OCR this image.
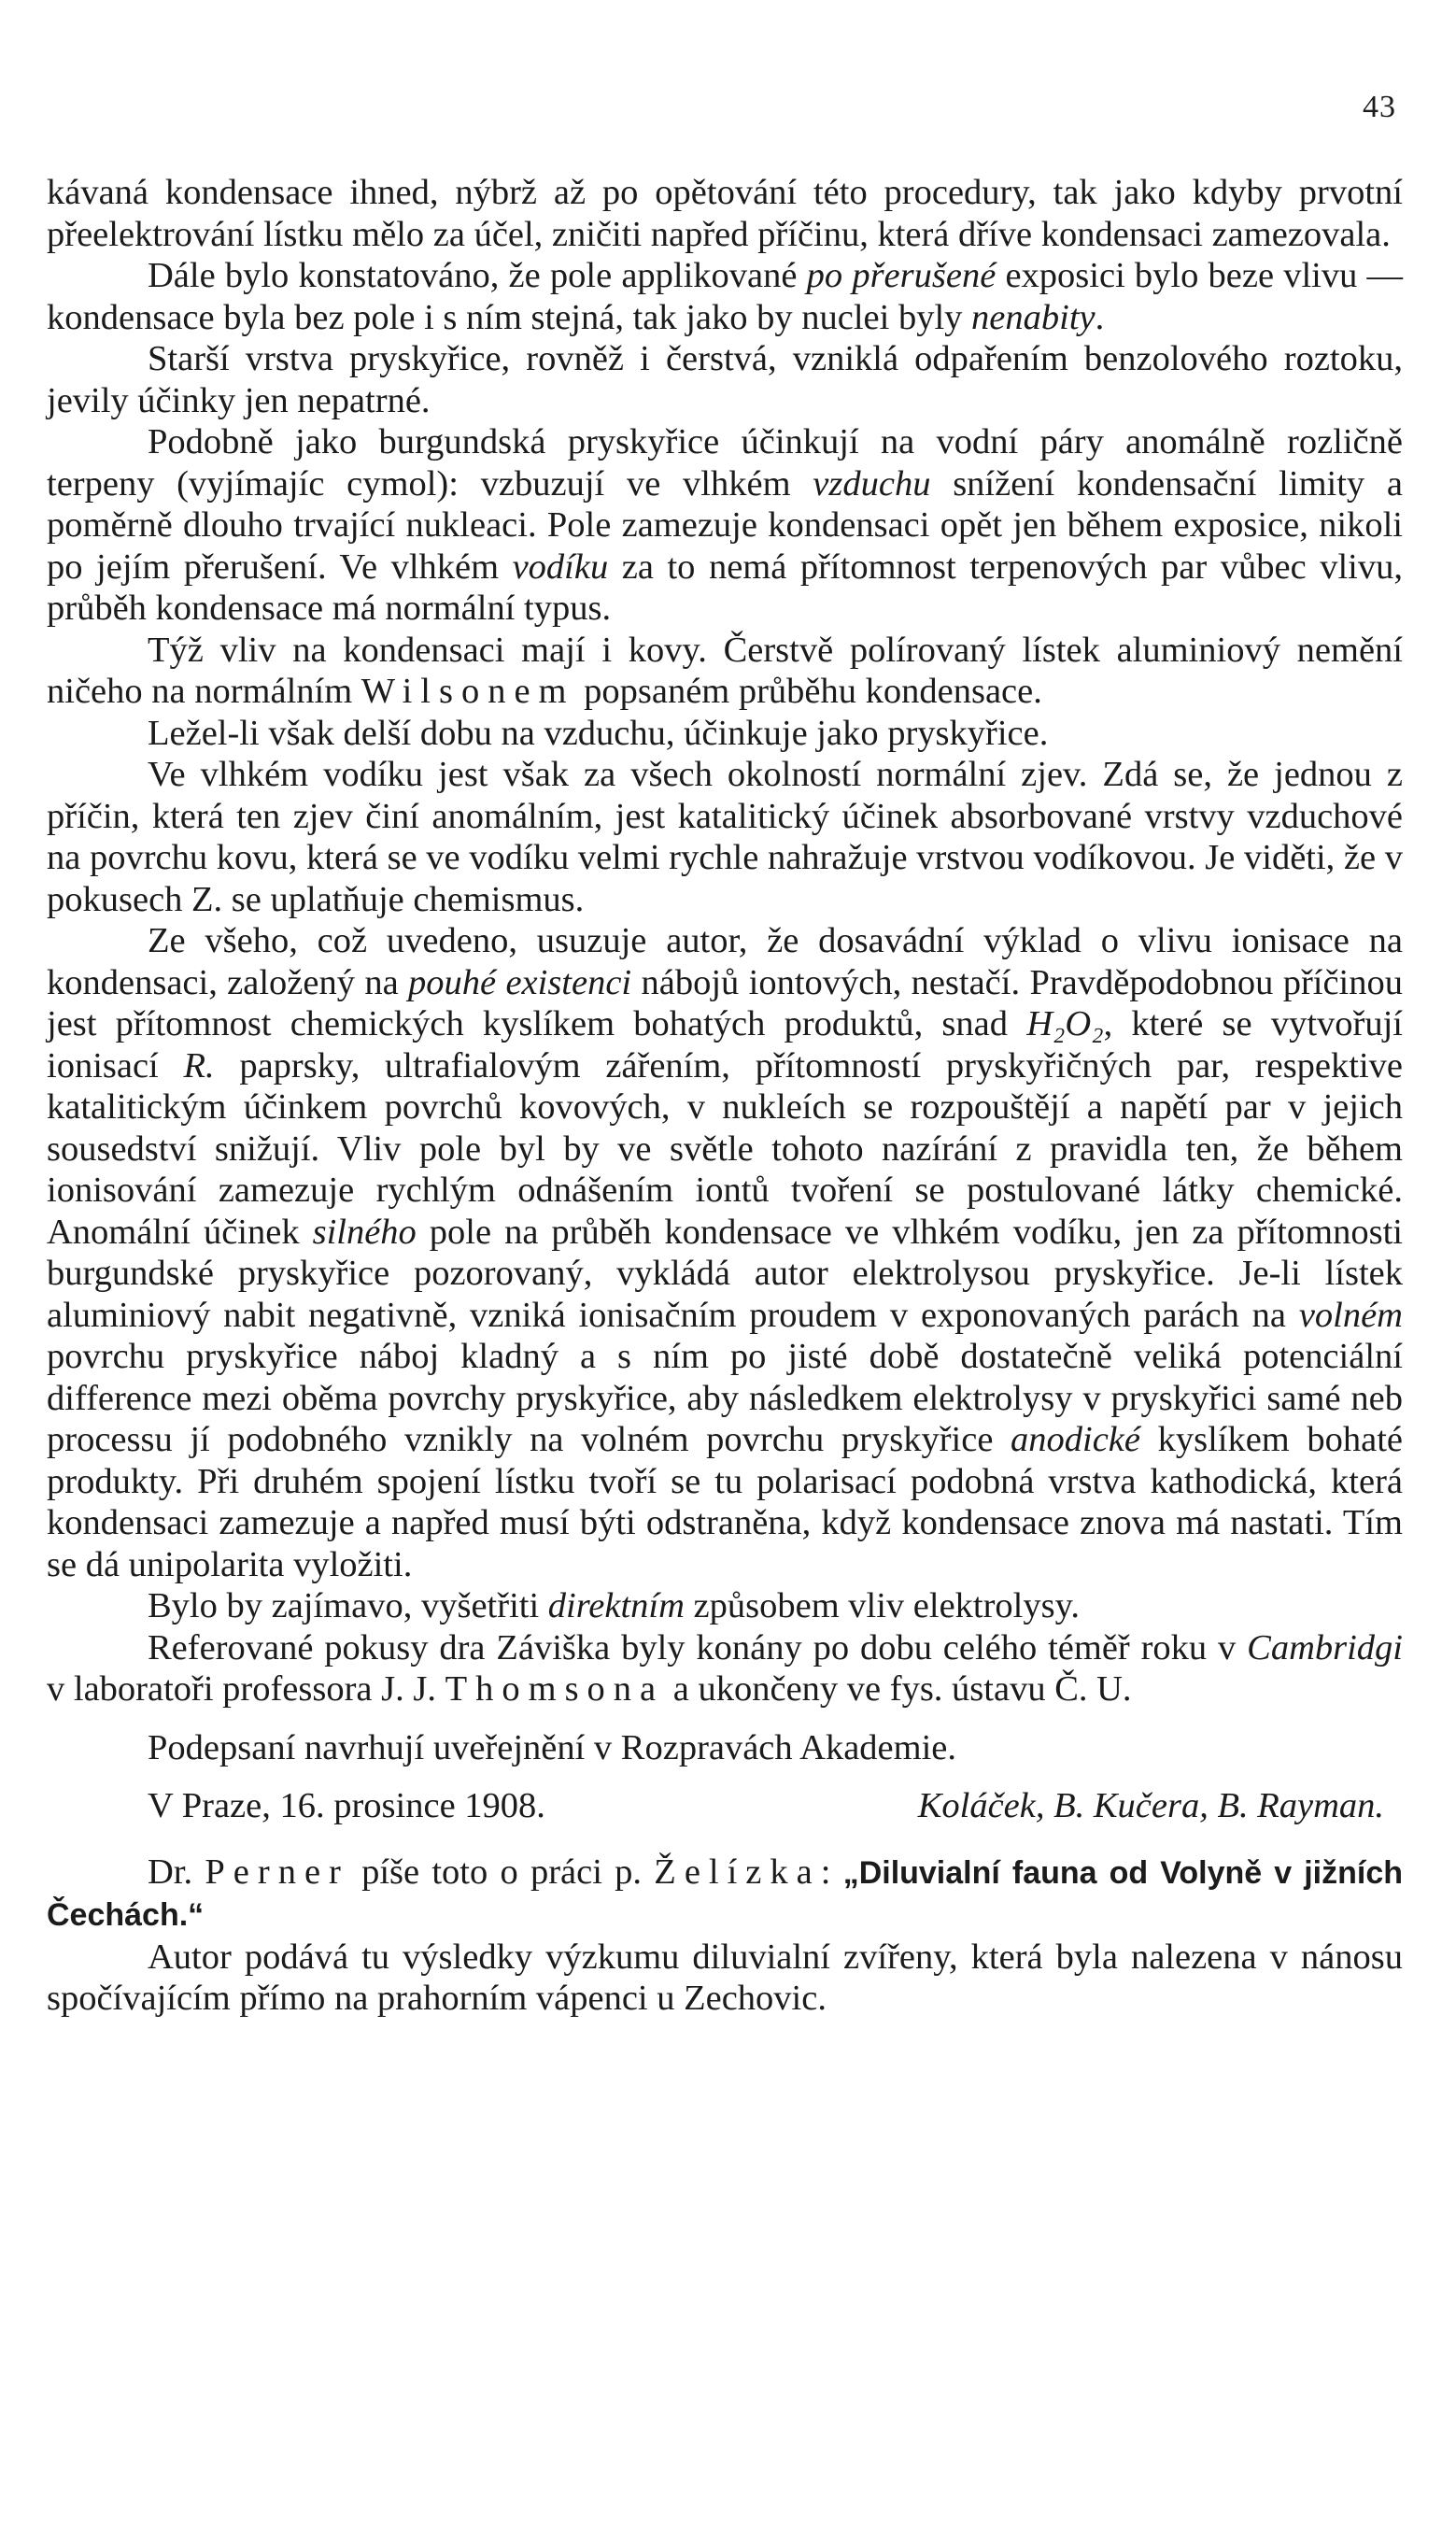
43

kávaná kondensace ihned, nýbrž až po opětování této procedury, tak jako kdyby prvotní přeelektrování lístku mělo za účel, zničiti napřed příčinu, která dříve kondensaci zamezovala.

Dále bylo konstatováno, že pole applikované po přerušené exposici bylo beze vlivu — kondensace byla bez pole i s ním stejná, tak jako by nuclei byly nenabity.

Starší vrstva pryskyřice, rovněž i čerstvá, vzniklá odpařením benzolového roztoku, jevily účinky jen nepatrné.

Podobně jako burgundská pryskyřice účinkují na vodní páry anomálně rozličně terpeny (vyjímajíc cymol): vzbuzují ve vlhkém vzduchu snížení kondensační limity a poměrně dlouho trvající nukleaci. Pole zamezuje kondensaci opět jen během exposice, nikoli po jejím přerušení. Ve vlhkém vodíku za to nemá přítomnost terpenových par vůbec vlivu, průběh kondensace má normální typus.

Týž vliv na kondensaci mají i kovy. Čerstvě polírovaný lístek aluminiový nemění ničeho na normálním Wilsonem popsaném průběhu kondensace.

Ležel-li však delší dobu na vzduchu, účinkuje jako pryskyřice.

Ve vlhkém vodíku jest však za všech okolností normální zjev. Zdá se, že jednou z příčin, která ten zjev činí anomálním, jest katalitický účinek absorbované vrstvy vzduchové na povrchu kovu, která se ve vodíku velmi rychle nahražuje vrstvou vodíkovou. Je viděti, že v pokusech Z. se uplatňuje chemismus.

Ze všeho, což uvedeno, usuzuje autor, že dosavádní výklad o vlivu ionisace na kondensaci, založený na pouhé existenci nábojů iontových, nestačí. Pravděpodobnou příčinou jest přítomnost chemických kyslíkem bohatých produktů, snad H₂O₂, které se vytvořují ionisací R. paprsky, ultrafialovým zářením, přítomností pryskyřičných par, respektive katalitickým účinkem povrchů kovových, v nukleích se rozpouštějí a napětí par v jejich sousedství snižují. Vliv pole byl by ve světle tohoto nazírání z pravidla ten, že během ionisování zamezuje rychlým odnášením iontů tvoření se postulované látky chemické. Anomální účinek silného pole na průběh kondensace ve vlhkém vodíku, jen za přítomnosti burgundské pryskyřice pozorovaný, vykládá autor elektrolysou pryskyřice. Je-li lístek aluminiový nabit negativně, vzniká ionisačním proudem v exponovaných parách na volném povrchu pryskyřice náboj kladný a s ním po jisté době dostatečně veliká potenciální difference mezi oběma povrchy pryskyřice, aby následkem elektrolysy v pryskyřici samé neb processu jí podobného vznikly na volném povrchu pryskyřice anodické kyslíkem bohaté produkty. Při druhém spojení lístku tvoří se tu polarisací podobná vrstva kathodická, která kondensaci zamezuje a napřed musí býti odstraněna, když kondensace znova má nastati. Tím se dá unipolarita vyložiti.

Bylo by zajímavo, vyšetřiti direktním způsobem vliv elektrolysy.

Referované pokusy dra Záviška byly konány po dobu celého téměř roku v Cambridgi v laboratoři professora J. J. Thomsona a ukončeny ve fys. ústavu Č. U.

Podepsaní navrhují uveřejnění v Rozpravách Akademie.

V Praze, 16. prosince 1908.	Koláček, B. Kučera, B. Rayman.

Dr. Perner píše toto o práci p. Želízka: „Diluvialní fauna od Volyně v jižních Čechách.“

Autor podává tu výsledky výzkumu diluvialní zvířeny, která byla nalezena v nánosu spočívajícím přímo na prahorním vápenci u Zechovic.
